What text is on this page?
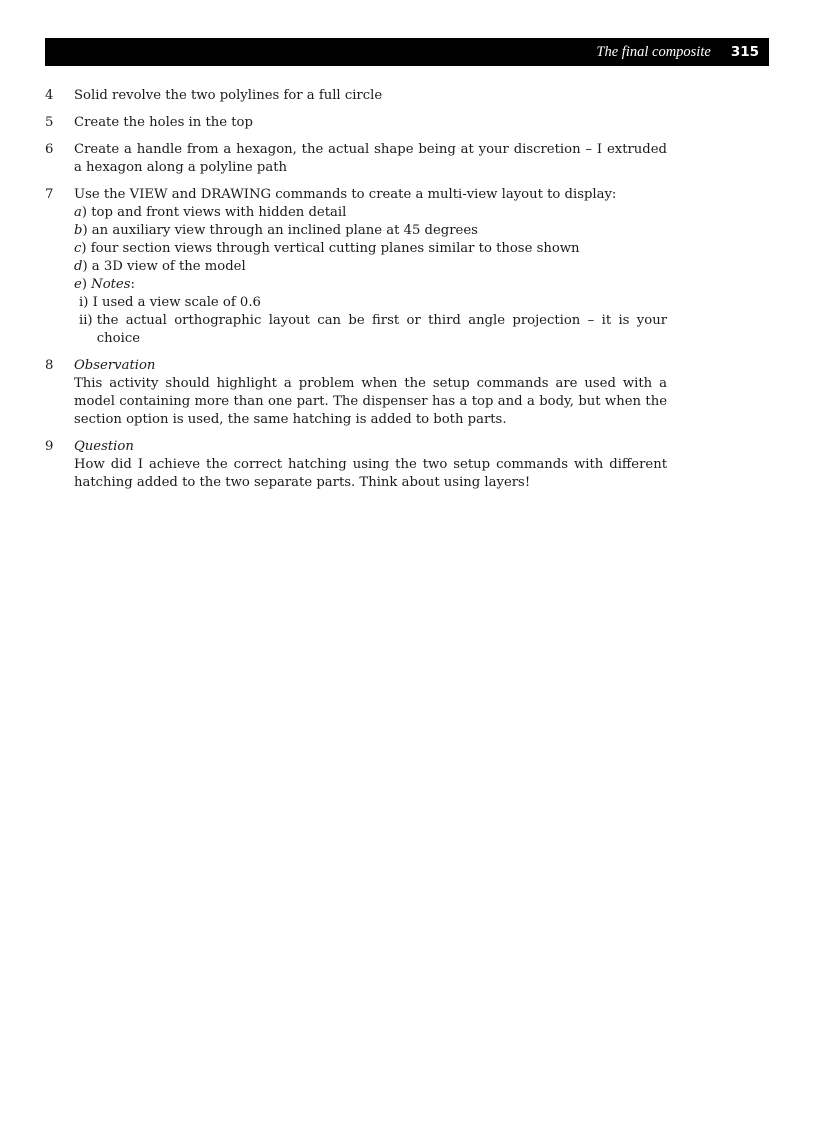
The final composite 315
4	Solid revolve the two polylines for a full circle
5	Create the holes in the top
6	Create a handle from a hexagon, the actual shape being at your discretion – I extruded a hexagon along a polyline path
7	Use the VIEW and DRAWING commands to create a multi-view layout to display:
a) top and front views with hidden detail
b) an auxiliary view through an inclined plane at 45 degrees
c) four section views through vertical cutting planes similar to those shown
d) a 3D view of the model
e) Notes:
i)
I used a view scale of 0.6
ii)
the actual orthographic layout can be first or third angle projection – it is your choice
8	Observation
This activity should highlight a problem when the setup commands are used with a model containing more than one part. The dispenser has a top and a body, but when the section option is used, the same hatching is added to both parts.
9	Question
How did I achieve the correct hatching using the two setup commands with different hatching added to the two separate parts. Think about using layers!
